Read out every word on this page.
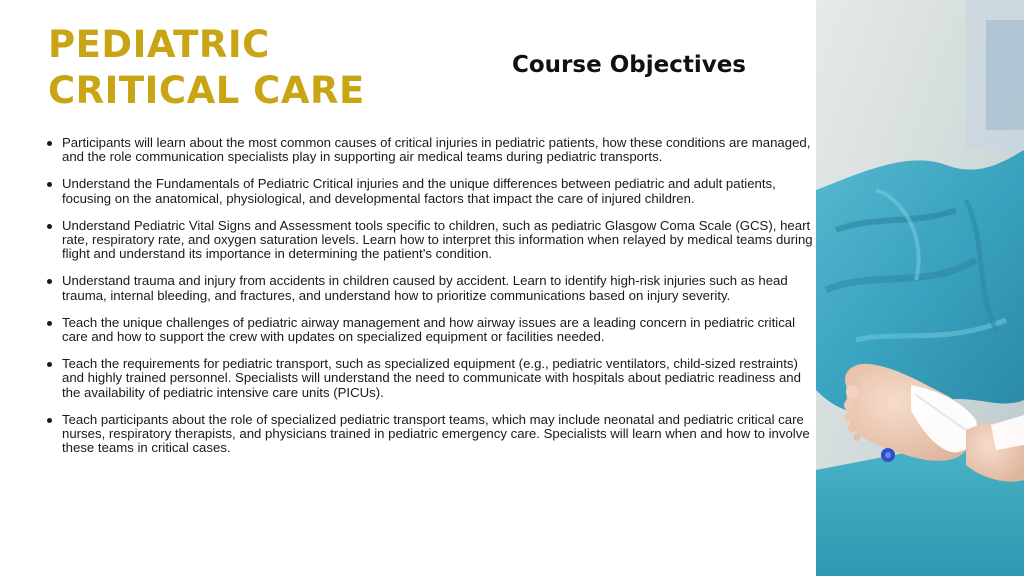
PEDIATRIC
CRITICAL CARE
Course Objectives
Participants will learn about the most common causes of critical injuries in pediatric patients, how these conditions are managed, and the role communication specialists play in supporting air medical teams during pediatric transports.
Understand the Fundamentals of Pediatric Critical injuries and the unique differences between pediatric and adult patients, focusing on the anatomical, physiological, and developmental factors that impact the care of injured children.
Understand Pediatric Vital Signs and Assessment tools specific to children, such as pediatric Glasgow Coma Scale (GCS), heart rate, respiratory rate, and oxygen saturation levels. Learn how to interpret this information when relayed by medical teams during flight and understand its importance in determining the patient’s condition.
Understand trauma and injury from accidents in children caused by accident. Learn to identify high-risk injuries such as head trauma, internal bleeding, and fractures, and understand how to prioritize communications based on injury severity.
Teach the unique challenges of pediatric airway management and how airway issues are a leading concern in pediatric critical care and how to support the crew with updates on specialized equipment or facilities needed.
Teach the requirements for pediatric transport, such as specialized equipment (e.g., pediatric ventilators, child-sized restraints) and highly trained personnel. Specialists will understand the need to communicate with hospitals about pediatric readiness and the availability of pediatric intensive care units (PICUs).
Teach participants about the role of specialized pediatric transport teams, which may include neonatal and pediatric critical care nurses, respiratory therapists, and physicians trained in pediatric emergency care. Specialists will learn when and how to involve these teams in critical cases.
